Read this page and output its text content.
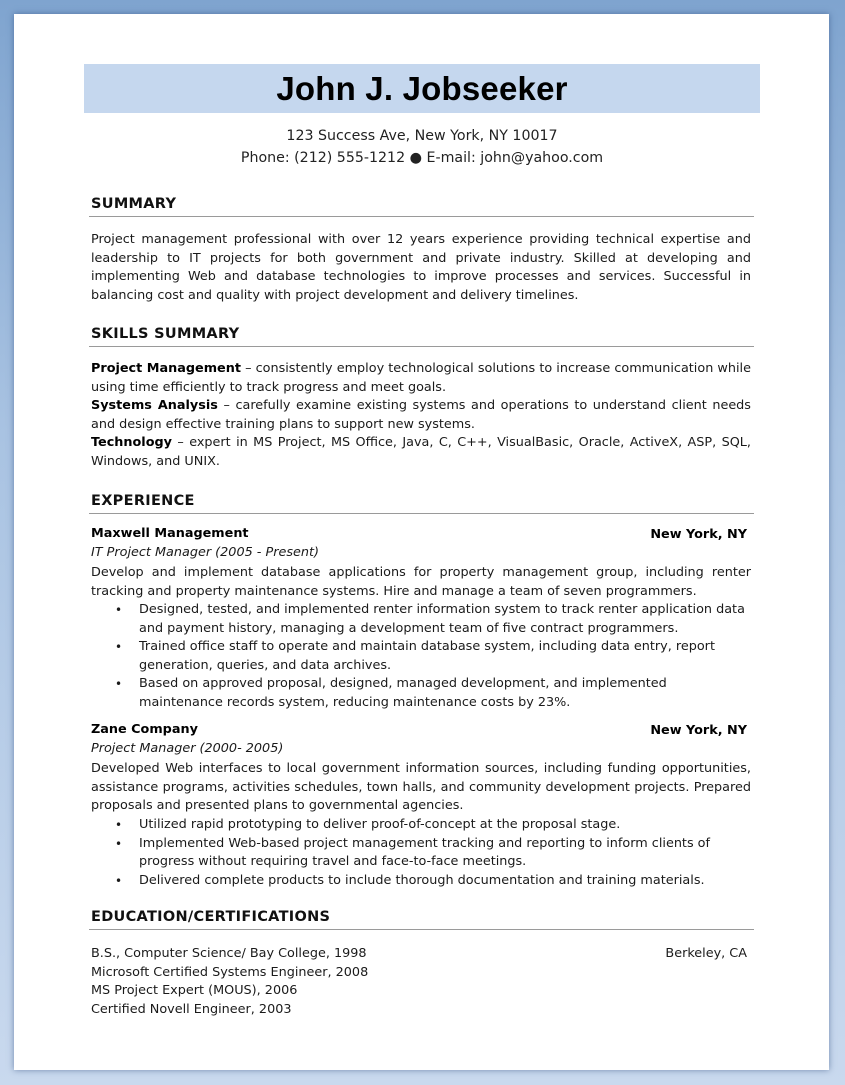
John J. Jobseeker
123 Success Ave, New York, NY 10017
Phone: (212) 555-1212 ● E-mail: john@yahoo.com
SUMMARY
Project management professional with over 12 years experience providing technical expertise and leadership to IT projects for both government and private industry. Skilled at developing and implementing Web and database technologies to improve processes and services. Successful in balancing cost and quality with project development and delivery timelines.
SKILLS SUMMARY
Project Management – consistently employ technological solutions to increase communication while using time efficiently to track progress and meet goals.
Systems Analysis – carefully examine existing systems and operations to understand client needs and design effective training plans to support new systems.
Technology – expert in MS Project, MS Office, Java, C, C++, VisualBasic, Oracle, ActiveX, ASP, SQL, Windows, and UNIX.
EXPERIENCE
Maxwell Management	New York, NY
IT Project Manager (2005 - Present)
Develop and implement database applications for property management group, including renter tracking and property maintenance systems. Hire and manage a team of seven programmers.
• Designed, tested, and implemented renter information system to track renter application data and payment history, managing a development team of five contract programmers.
• Trained office staff to operate and maintain database system, including data entry, report generation, queries, and data archives.
• Based on approved proposal, designed, managed development, and implemented maintenance records system, reducing maintenance costs by 23%.
Zane Company	New York, NY
Project Manager (2000- 2005)
Developed Web interfaces to local government information sources, including funding opportunities, assistance programs, activities schedules, town halls, and community development projects. Prepared proposals and presented plans to governmental agencies.
• Utilized rapid prototyping to deliver proof-of-concept at the proposal stage.
• Implemented Web-based project management tracking and reporting to inform clients of progress without requiring travel and face-to-face meetings.
• Delivered complete products to include thorough documentation and training materials.
EDUCATION/CERTIFICATIONS
Berkeley, CA
B.S., Computer Science/ Bay College, 1998
Microsoft Certified Systems Engineer, 2008
MS Project Expert (MOUS), 2006
Certified Novell Engineer, 2003
